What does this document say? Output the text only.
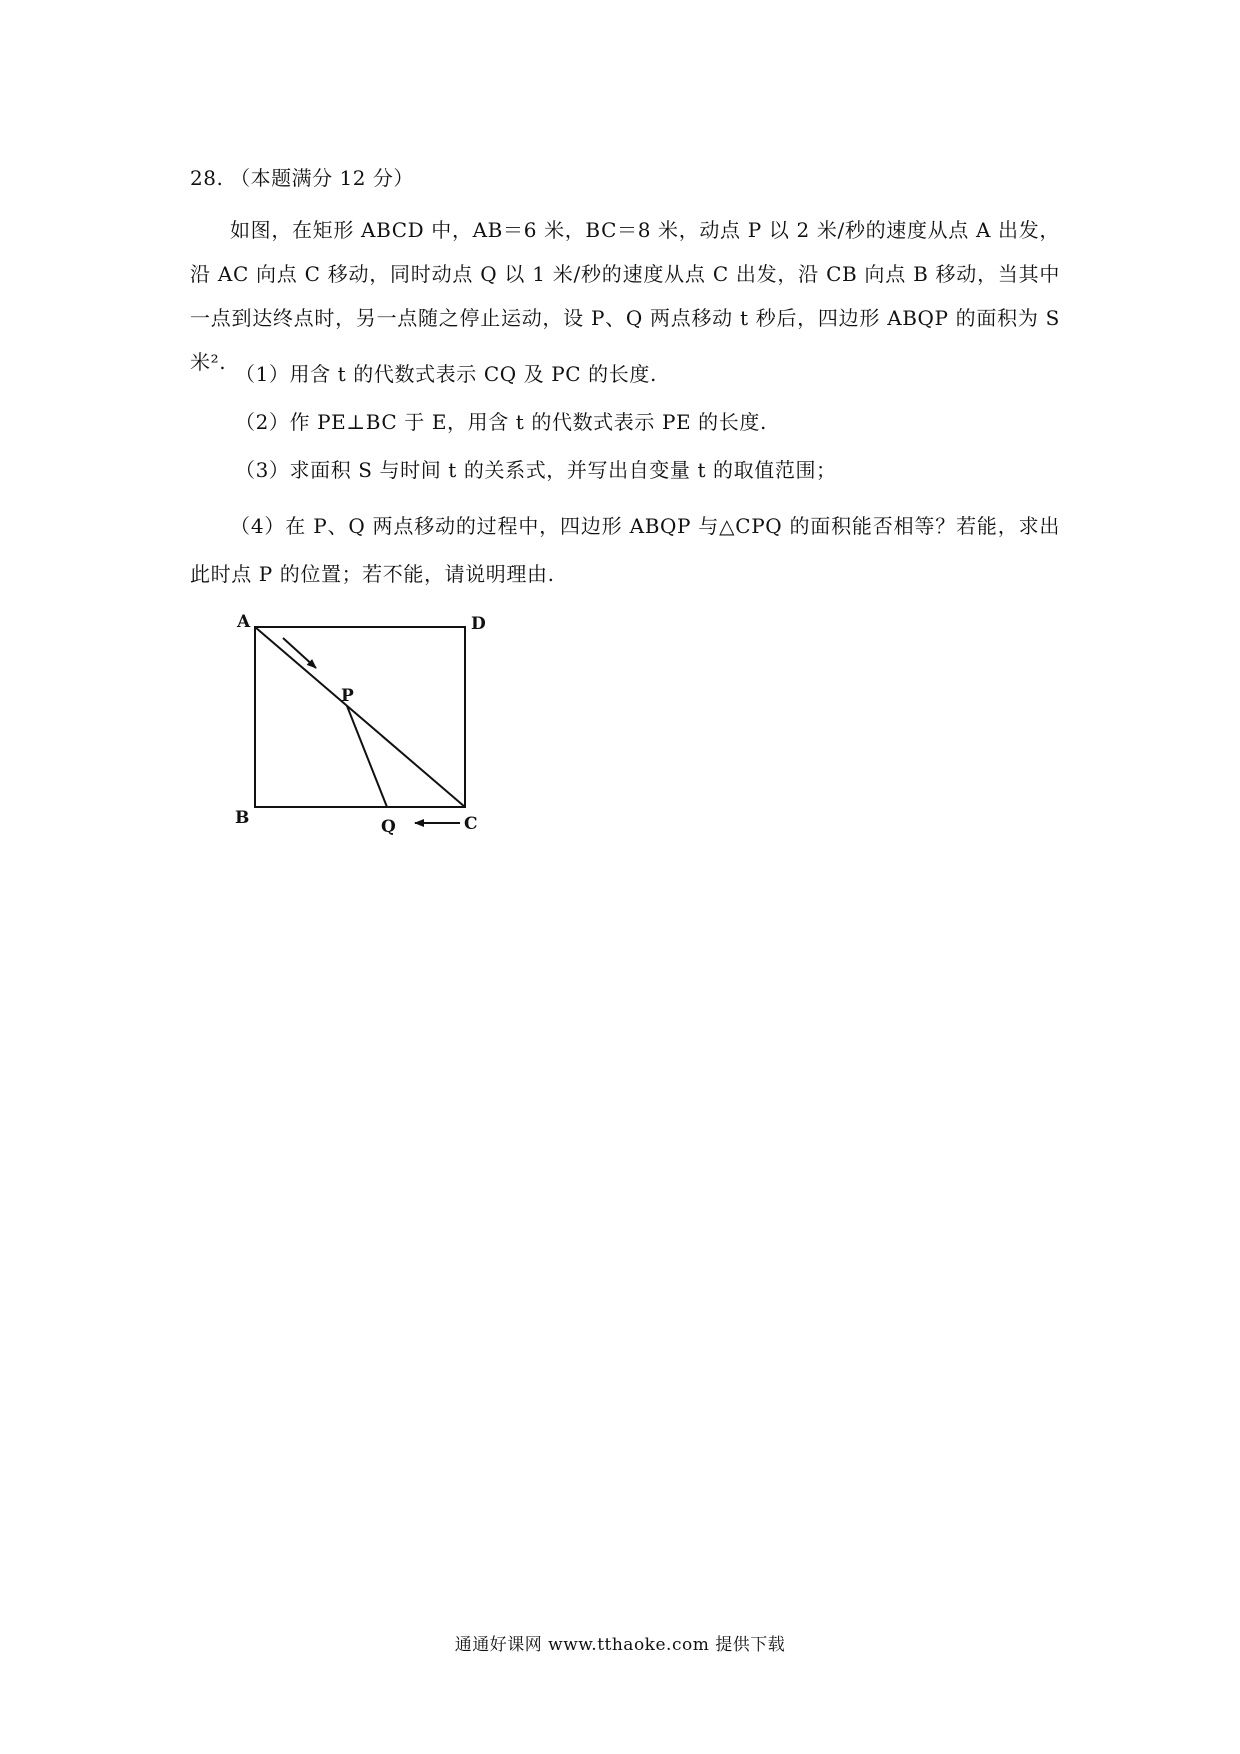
28. （本题满分 12 分）
如图，在矩形 ABCD 中，AB＝6 米，BC＝8 米，动点 P 以 2 米/秒的速度从点 A 出发，沿 AC 向点 C 移动，同时动点 Q 以 1 米/秒的速度从点 C 出发，沿 CB 向点 B 移动，当其中一点到达终点时，另一点随之停止运动，设 P、Q 两点移动 t 秒后，四边形 ABQP 的面积为 S 米². （1）用含 t 的代数式表示 CQ 及 PC 的长度.
（2）作 PE⊥BC 于 E，用含 t 的代数式表示 PE 的长度.
（3）求面积 S 与时间 t 的关系式，并写出自变量 t 的取值范围；
（4）在 P、Q 两点移动的过程中，四边形 ABQP 与△CPQ 的面积能否相等？若能，求出此时点 P 的位置；若不能，请说明理由.
A	D
B	C
P
Q
通通好课网 www.tthaoke.com 提供下载
